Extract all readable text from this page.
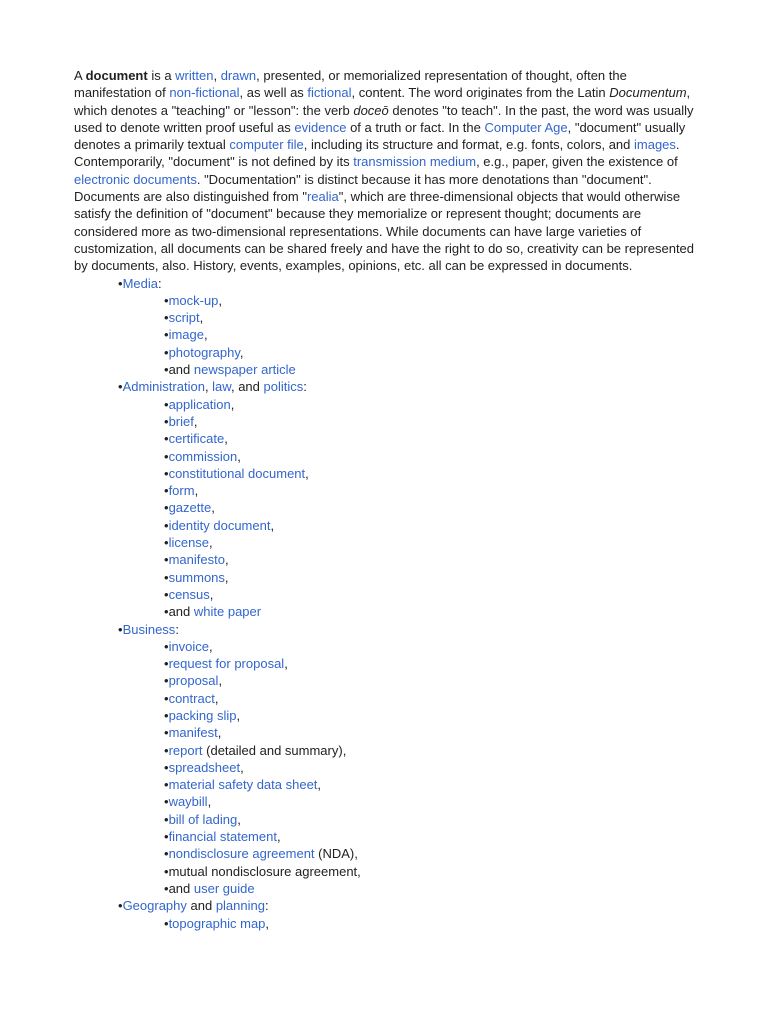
A document is a written, drawn, presented, or memorialized representation of thought, often the manifestation of non-fictional, as well as fictional, content. The word originates from the Latin Documentum, which denotes a "teaching" or "lesson": the verb doceō denotes "to teach". In the past, the word was usually used to denote written proof useful as evidence of a truth or fact. In the Computer Age, "document" usually denotes a primarily textual computer file, including its structure and format, e.g. fonts, colors, and images. Contemporarily, "document" is not defined by its transmission medium, e.g., paper, given the existence of electronic documents. "Documentation" is distinct because it has more denotations than "document". Documents are also distinguished from "realia", which are three-dimensional objects that would otherwise satisfy the definition of "document" because they memorialize or represent thought; documents are considered more as two-dimensional representations. While documents can have large varieties of customization, all documents can be shared freely and have the right to do so, creativity can be represented by documents, also. History, events, examples, opinions, etc. all can be expressed in documents.

•Media:
•mock-up,
•script,
•image,
•photography,
•and newspaper article
•Administration, law, and politics:
•application,
•brief,
•certificate,
•commission,
•constitutional document,
•form,
•gazette,
•identity document,
•license,
•manifesto,
•summons,
•census,
•and white paper
•Business:
•invoice,
•request for proposal,
•proposal,
•contract,
•packing slip,
•manifest,
•report (detailed and summary),
•spreadsheet,
•material safety data sheet,
•waybill,
•bill of lading,
•financial statement,
•nondisclosure agreement (NDA),
•mutual nondisclosure agreement,
•and user guide
•Geography and planning:
•topographic map,
